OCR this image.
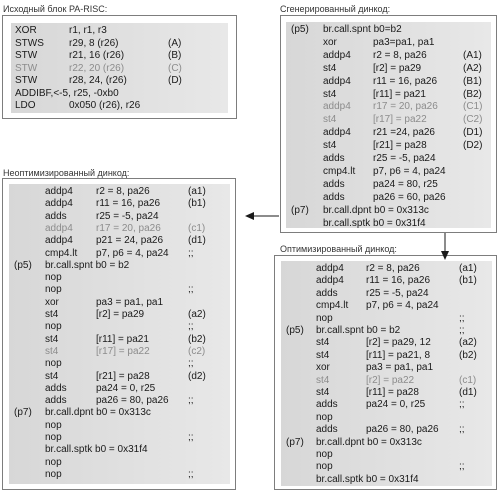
Исходный блок PA-RISC:
XOR	r1, r1, r3
STWS	r29, 8 (r26)	(A)
STW	r21, 16 (r26)	(B)
STW	r22, 20 (r26)	(C)
STW	r28, 24, (r26)	(D)
ADDIBF,<-5, r25, -0xb0
LDO	0x050 (r26), r26
Сгенерированный динкод:
(p5) br.call.spnt b0=b2
xor	pa3=pa1, pa1
addp4 r2 = 8, pa26	(A1)
st4	[r2] = pa29	(A2)
addp4 r11 = 16, pa26	(B1)
st4	[r11] = pa21	(B2)
addp4 r17 = 20, pa26	(C1)
st4	[r17] = pa22	(C2)
addp4 r21 =24, pa26	(D1)
st4	[r21] = pa28	(D2)
adds	r25 = -5, pa24
cmp4.lt p7, p6 = 4, pa24
adds	pa24 = 80, r25
adds	pa26 = 60, pa26
(p7) br.call.dpnt b0 = 0x313c
br.call.sptk b0 = 0x31f4
Неоптимизированный динкод:
addp4 r2 = 8, pa26	(a1)
addp4 r11 = 16, pa26	(b1)
adds	r25 = -5, pa24
addp4 r17 = 20, pa26	(c1)
addp4 p21 = 24, pa26 (d1)
cmp4.lt p7, p6 = 4, pa24 ;;
(p5) br.call.spnt b0 = b2
nop
nop	;;
xor	pa3 = pa1, pa1
st4	[r2] = pa29	(a2)
nop	;;
st4	[r11] = pa21	(b2)
st4	[r17] = pa22	(c2)
nop	;;
st4	[r21] = pa28	(d2)
adds	pa24 = 0, r25
adds	pa26 = 80, pa26 ;;
(p7) br.call.dpnt b0 = 0x313c
nop
nop	;;
br.call.sptk b0 = 0x31f4
nop
nop	;;
Оптимизированный динкод:
addp4 r2 = 8, pa26	(a1)
addp4 r11 = 16, pa26	(b1)
adds	r25 = -5, pa24
cmp4.lt p7, p6 = 4, pa24
nop	;;
(p5) br.call.spnt b0 = b2	;;
st4	[r2] = pa29, 12	(a2)
st4	[r11] = pa21, 8	(b2)
xor	pa3 = pa1, pa1
st4	[r2] = pa22	(c1)
st4	[r11] = pa28	(d1)
adds	pa24 = 0, r25	;;
nop
adds	pa26 = 80, pa26 ;;
(p7) br.call.dpnt b0 = 0x313c
nop
nop	;;
br.call.sptk b0 = 0x31f4
